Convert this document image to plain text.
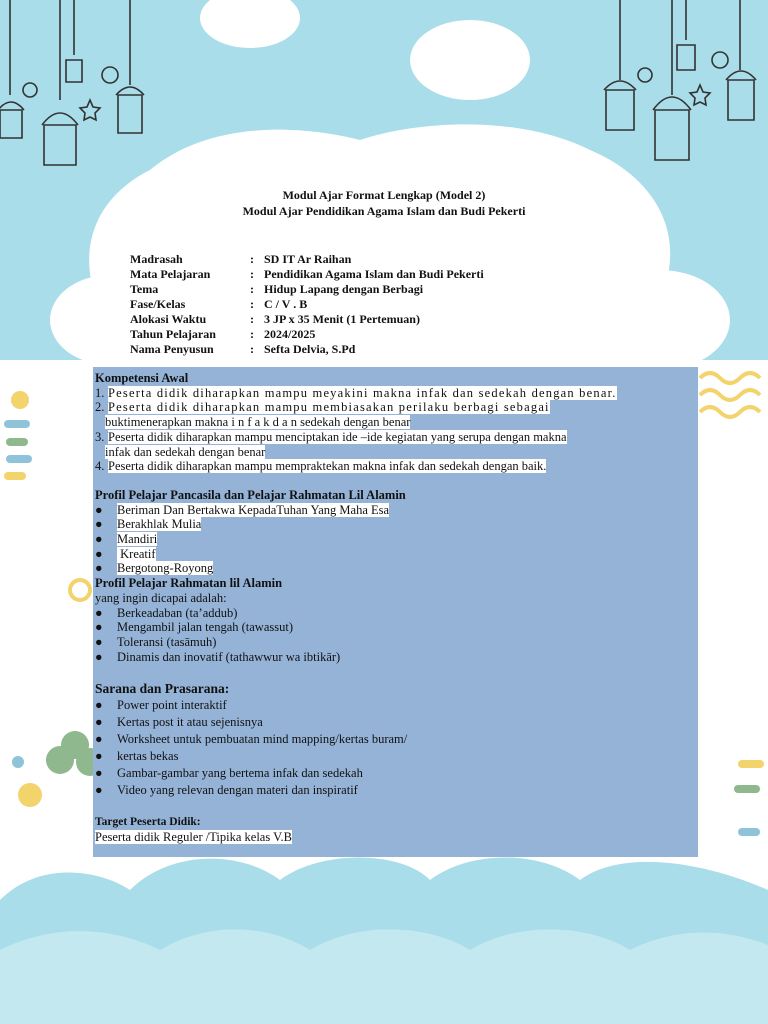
Modul Ajar Format Lengkap (Model 2)
Modul Ajar Pendidikan Agama Islam dan Budi Pekerti
Madrasah	: SD IT Ar Raihan
Mata Pelajaran	: Pendidikan Agama Islam dan Budi Pekerti
Tema	: Hidup Lapang dengan Berbagi
Fase/Kelas	: C / V . B
Alokasi Waktu	: 3 JP x 35 Menit (1 Pertemuan)
Tahun Pelajaran	: 2024/2025
Nama Penyusun	: Sefta Delvia, S.Pd
Kompetensi Awal
1. Peserta didik diharapkan mampu meyakini makna infak dan sedekah dengan benar.
2. Peserta didik diharapkan mampu membiasakan perilaku berbagi sebagai
buktimenerapkan makna i n f a k d a n sedekah dengan benar
3. Peserta didik diharapkan mampu menciptakan ide –ide kegiatan yang serupa dengan makna
infak dan sedekah dengan benar
4. Peserta didik diharapkan mampu mempraktekan makna infak dan sedekah dengan baik.
Profil Pelajar Pancasila dan Pelajar Rahmatan Lil Alamin
●	Beriman Dan Bertakwa KepadaTuhan Yang Maha Esa
●	Berakhlak Mulia
●	Mandiri
●	Kreatif
●	Bergotong-Royong
Profil Pelajar Rahmatan lil Alamin
yang ingin dicapai adalah:
●	Berkeadaban (ta’addub)
●	Mengambil jalan tengah (tawassut)
●	Toleransi (tasāmuh)
●	Dinamis dan inovatif (tathawwur wa ibtikār)
Sarana dan Prasarana:
●	Power point interaktif
●	Kertas post it atau sejenisnya
●	Worksheet untuk pembuatan mind mapping/kertas buram/
●	kertas bekas
●	Gambar-gambar yang bertema infak dan sedekah
●	Video yang relevan dengan materi dan inspiratif
Target Peserta Didik:
Peserta didik Reguler /Tipika kelas V.B
